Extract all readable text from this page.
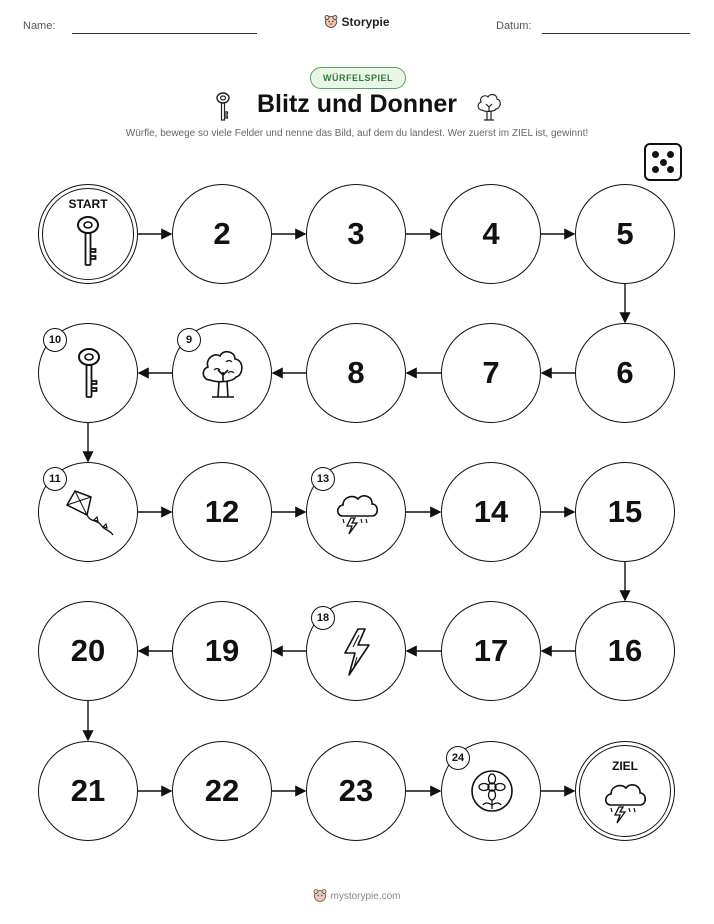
Name:	Storypie	Datum:
WÜRFELSPIEL
Blitz und Donner
Würfle, bewege so viele Felder und nenne das Bild, auf dem du landest. Wer zuerst im ZIEL ist, gewinnt!
START
2	3	4	5
6
7
8
9
10
11
12
13
14	15
16
17
18
19
20
21	22	23
24
ZIEL
mystorypie.com
